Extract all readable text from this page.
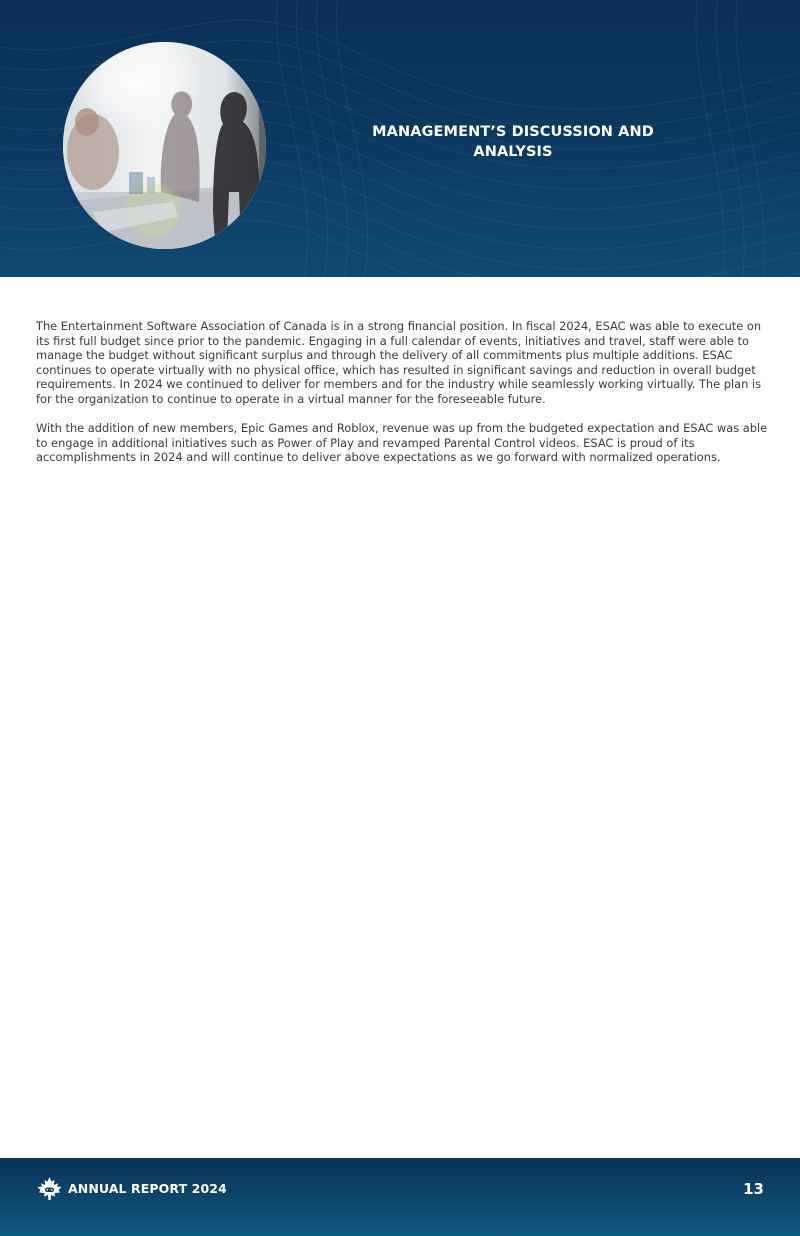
MANAGEMENT’S DISCUSSION AND ANALYSIS

The Entertainment Software Association of Canada is in a strong financial position. In fiscal 2024, ESAC was able to execute on its first full budget since prior to the pandemic. Engaging in a full calendar of events, initiatives and travel, staff were able to manage the budget without significant surplus and through the delivery of all commitments plus multiple additions. ESAC continues to operate virtually with no physical office, which has resulted in significant savings and reduction in overall budget requirements. In 2024 we continued to deliver for members and for the industry while seamlessly working virtually. The plan is for the organization to continue to operate in a virtual manner for the foreseeable future.

With the addition of new members, Epic Games and Roblox, revenue was up from the budgeted expectation and ESAC was able to engage in additional initiatives such as Power of Play and revamped Parental Control videos. ESAC is proud of its accomplishments in 2024 and will continue to deliver above expectations as we go forward with normalized operations.

ANNUAL REPORT 2024	13
